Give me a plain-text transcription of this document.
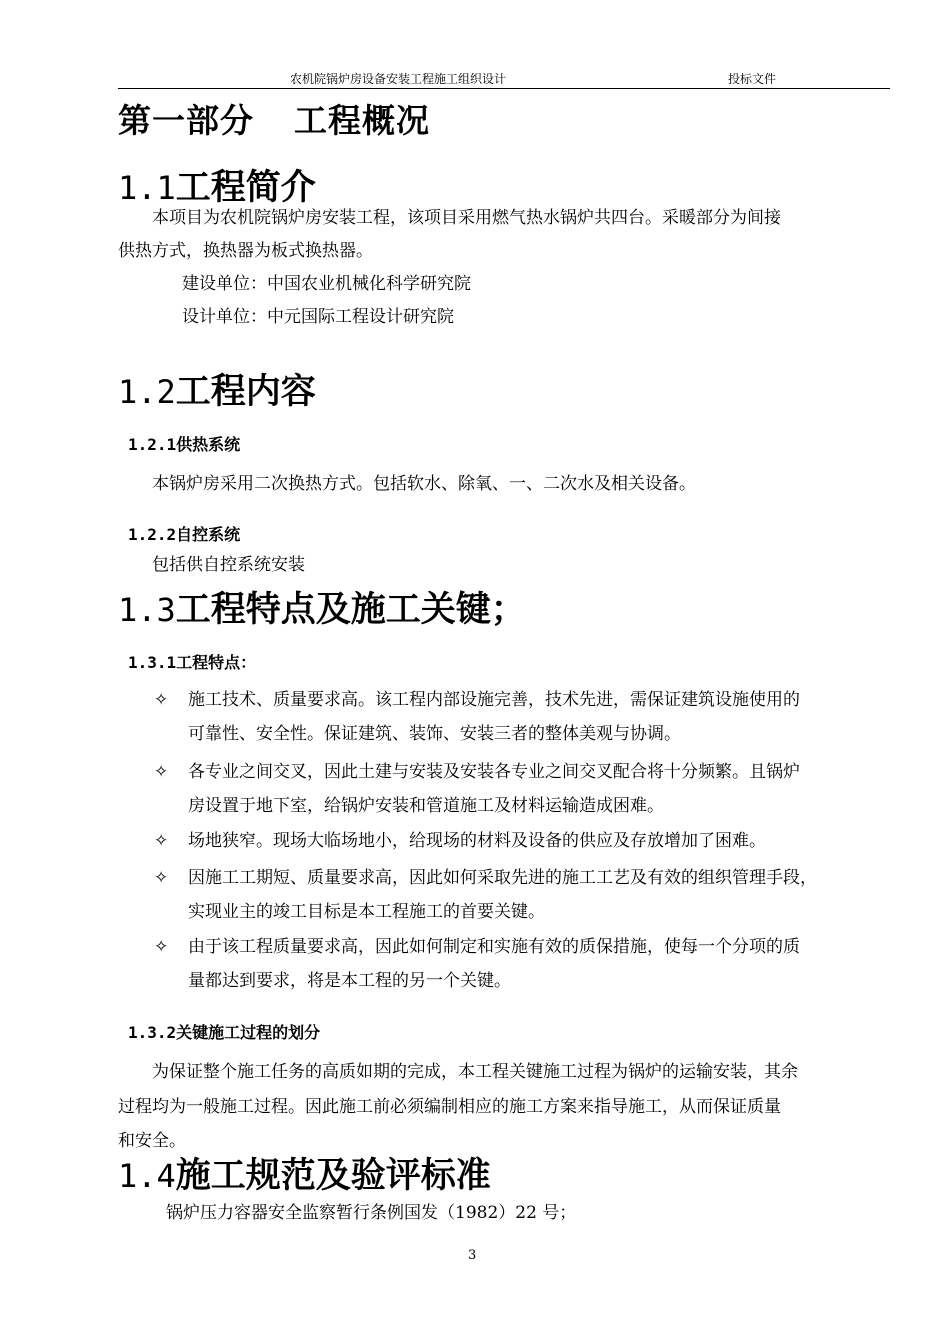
农机院锅炉房设备安装工程施工组织设计	投标文件
第一部分 工程概况
1.1工程简介
本项目为农机院锅炉房安装工程，该项目采用燃气热水锅炉共四台。采暖部分为间接
供热方式，换热器为板式换热器。
建设单位：中国农业机械化科学研究院
设计单位：中元国际工程设计研究院
1.2工程内容
1.2.1供热系统
本锅炉房采用二次换热方式。包括软水、除氧、一、二次水及相关设备。
1.2.2自控系统
包括供自控系统安装
1.3工程特点及施工关键；
1.3.1工程特点：
✧ 施工技术、质量要求高。该工程内部设施完善，技术先进，需保证建筑设施使用的
可靠性、安全性。保证建筑、装饰、安装三者的整体美观与协调。
✧ 各专业之间交叉，因此土建与安装及安装各专业之间交叉配合将十分频繁。且锅炉
房设置于地下室，给锅炉安装和管道施工及材料运输造成困难。
✧ 场地狭窄。现场大临场地小，给现场的材料及设备的供应及存放增加了困难。
✧ 因施工工期短、质量要求高，因此如何采取先进的施工工艺及有效的组织管理手段，
实现业主的竣工目标是本工程施工的首要关键。
✧ 由于该工程质量要求高，因此如何制定和实施有效的质保措施，使每一个分项的质
量都达到要求，将是本工程的另一个关键。
1.3.2关键施工过程的划分
为保证整个施工任务的高质如期的完成，本工程关键施工过程为锅炉的运输安装，其余
过程均为一般施工过程。因此施工前必须编制相应的施工方案来指导施工，从而保证质量
和安全。
1.4施工规范及验评标准
锅炉压力容器安全监察暂行条例国发（1982）22 号；
3
